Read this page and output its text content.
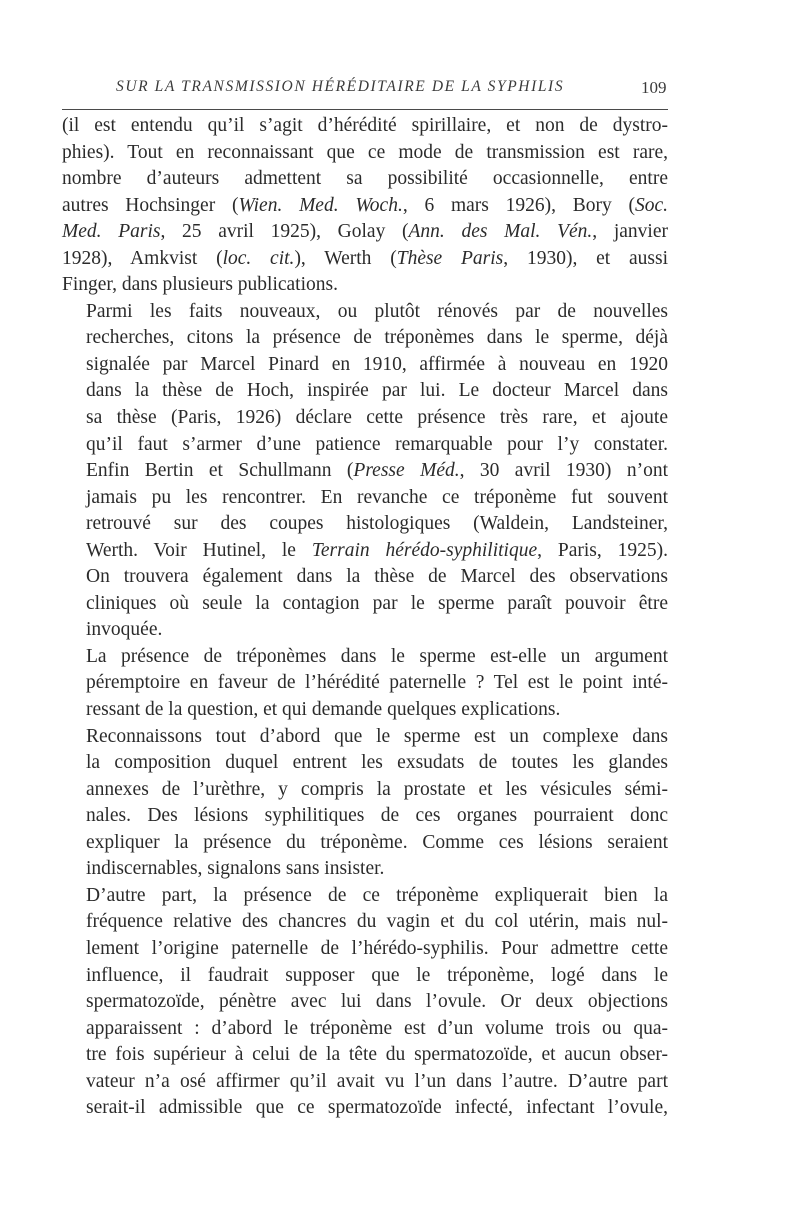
SUR LA TRANSMISSION HÉRÉDITAIRE DE LA SYPHILIS	109

(il est entendu qu’il s’agit d’hérédité spirillaire, et non de dystro-
phies). Tout en reconnaissant que ce mode de transmission est rare,
nombre d’auteurs admettent sa possibilité occasionnelle, entre
autres Hochsinger (Wien. Med. Woch., 6 mars 1926), Bory (Soc.
Med. Paris, 25 avril 1925), Golay (Ann. des Mal. Vén., janvier
1928), Amkvist (loc. cit.), Werth (Thèse Paris, 1930), et aussi
Finger, dans plusieurs publications.

Parmi les faits nouveaux, ou plutôt rénovés par de nouvelles
recherches, citons la présence de tréponèmes dans le sperme, déjà
signalée par Marcel Pinard en 1910, affirmée à nouveau en 1920
dans la thèse de Hoch, inspirée par lui. Le docteur Marcel dans
sa thèse (Paris, 1926) déclare cette présence très rare, et ajoute
qu’il faut s’armer d’une patience remarquable pour l’y constater.
Enfin Bertin et Schullmann (Presse Méd., 30 avril 1930) n’ont
jamais pu les rencontrer. En revanche ce tréponème fut souvent
retrouvé sur des coupes histologiques (Waldein, Landsteiner,
Werth. Voir Hutinel, le Terrain hérédo-syphilitique, Paris, 1925).
On trouvera également dans la thèse de Marcel des observations
cliniques où seule la contagion par le sperme paraît pouvoir être
invoquée.

La présence de tréponèmes dans le sperme est-elle un argument
péremptoire en faveur de l’hérédité paternelle ? Tel est le point inté-
ressant de la question, et qui demande quelques explications.

Reconnaissons tout d’abord que le sperme est un complexe dans
la composition duquel entrent les exsudats de toutes les glandes
annexes de l’urèthre, y compris la prostate et les vésicules sémi-
nales. Des lésions syphilitiques de ces organes pourraient donc
expliquer la présence du tréponème. Comme ces lésions seraient
indiscernables, signalons sans insister.

D’autre part, la présence de ce tréponème expliquerait bien la
fréquence relative des chancres du vagin et du col utérin, mais nul-
lement l’origine paternelle de l’hérédo-syphilis. Pour admettre cette
influence, il faudrait supposer que le tréponème, logé dans le
spermatozoïde, pénètre avec lui dans l’ovule. Or deux objections
apparaissent : d’abord le tréponème est d’un volume trois ou qua-
tre fois supérieur à celui de la tête du spermatozoïde, et aucun obser-
vateur n’a osé affirmer qu’il avait vu l’un dans l’autre. D’autre part
serait-il admissible que ce spermatozoïde infecté, infectant l’ovule,
